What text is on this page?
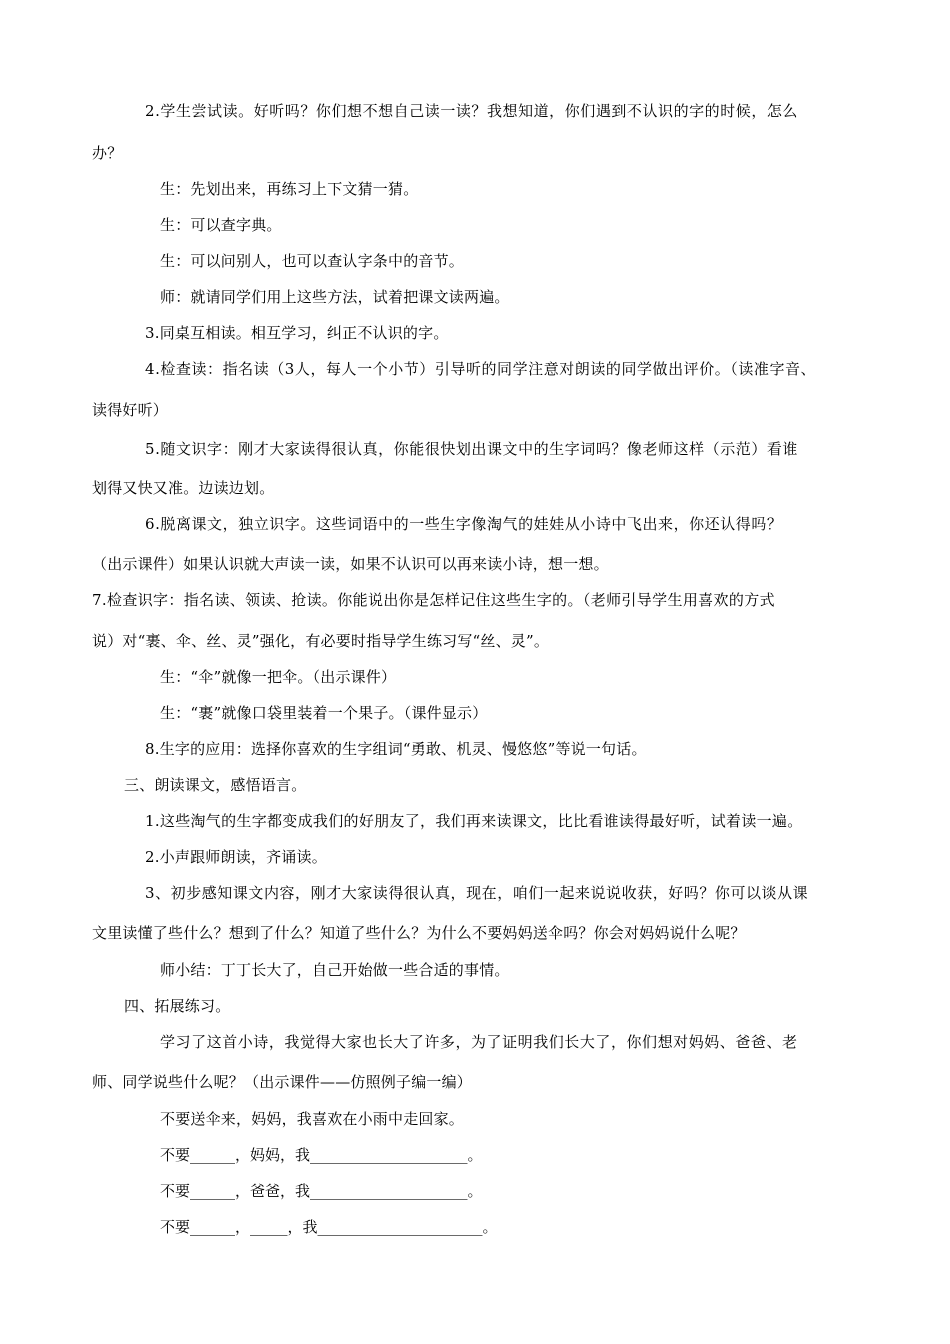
2.学生尝试读。好听吗？你们想不想自己读一读？我想知道，你们遇到不认识的字的时候，怎么

办？

生：先划出来，再练习上下文猜一猜。

生：可以查字典。

生：可以问别人，也可以查认字条中的音节。

师：就请同学们用上这些方法，试着把课文读两遍。

3.同桌互相读。相互学习，纠正不认识的字。

4.检查读：指名读（3人，每人一个小节）引导听的同学注意对朗读的同学做出评价。（读准字音、

读得好听）

5.随文识字：刚才大家读得很认真，你能很快划出课文中的生字词吗？像老师这样（示范）看谁

划得又快又准。边读边划。

6.脱离课文，独立识字。这些词语中的一些生字像淘气的娃娃从小诗中飞出来，你还认得吗？

（出示课件）如果认识就大声读一读，如果不认识可以再来读小诗，想一想。

7.检查识字：指名读、领读、抢读。你能说出你是怎样记住这些生字的。（老师引导学生用喜欢的方式

说）对“裹、伞、丝、灵”强化，有必要时指导学生练习写“丝、灵”。

生：“伞”就像一把伞。（出示课件）

生：“裹”就像口袋里装着一个果子。（课件显示）

8.生字的应用：选择你喜欢的生字组词“勇敢、机灵、慢悠悠”等说一句话。

三、朗读课文，感悟语言。

1.这些淘气的生字都变成我们的好朋友了，我们再来读课文，比比看谁读得最好听，试着读一遍。

2.小声跟师朗读，齐诵读。

3、初步感知课文内容，刚才大家读得很认真，现在，咱们一起来说说收获，好吗？你可以谈从课

文里读懂了些什么？想到了什么？知道了些什么？为什么不要妈妈送伞吗？你会对妈妈说什么呢？

师小结：丁丁长大了，自己开始做一些合适的事情。

四、拓展练习。

学习了这首小诗，我觉得大家也长大了许多，为了证明我们长大了，你们想对妈妈、爸爸、老

师、同学说些什么呢？（出示课件——仿照例子编一编）

不要送伞来，妈妈，我喜欢在小雨中走回家。

不要______，妈妈，我_____________________。

不要______，爸爸，我_____________________。

不要______，_____，我______________________。
